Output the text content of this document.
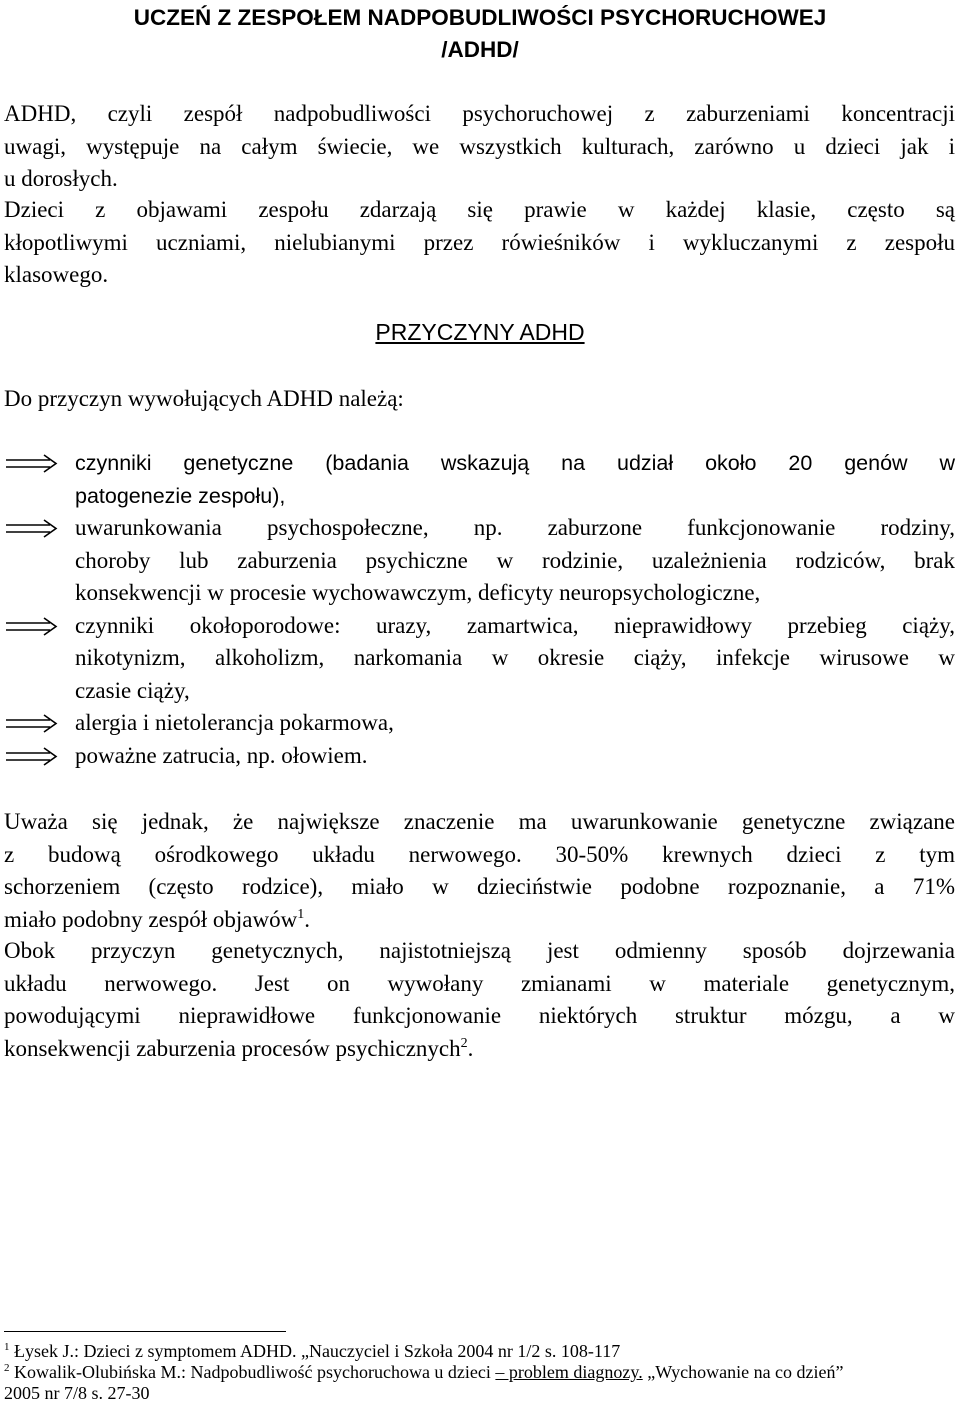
UCZEŃ Z ZESPOŁEM NADPOBUDLIWOŚCI PSYCHORUCHOWEJ
/ADHD/
ADHD, czyli zespół nadpobudliwości psychoruchowej z zaburzeniami koncentracji
uwagi, występuje na całym świecie, we wszystkich kulturach, zarówno u dzieci jak i
u dorosłych.
Dzieci z objawami zespołu zdarzają się prawie w każdej klasie, często są
kłopotliwymi uczniami, nielubianymi przez rówieśników i wykluczanymi z zespołu
klasowego.
PRZYCZYNY ADHD
Do przyczyn wywołujących ADHD należą:
czynniki genetyczne (badania wskazują na udział około 20 genów w
patogenezie zespołu),
uwarunkowania psychospołeczne, np. zaburzone funkcjonowanie rodziny,
choroby lub zaburzenia psychiczne w rodzinie, uzależnienia rodziców, brak
konsekwencji w procesie wychowawczym, deficyty neuropsychologiczne,
czynniki okołoporodowe: urazy, zamartwica, nieprawidłowy przebieg ciąży,
nikotynizm, alkoholizm, narkomania w okresie ciąży, infekcje wirusowe w
czasie ciąży,
alergia i nietolerancja pokarmowa,
poważne zatrucia, np. ołowiem.
Uważa się jednak, że największe znaczenie ma uwarunkowanie genetyczne związane
z budową ośrodkowego układu nerwowego. 30-50% krewnych dzieci z tym
schorzeniem (często rodzice), miało w dzieciństwie podobne rozpoznanie, a 71%
miało podobny zespół objawów$^1$.
Obok przyczyn genetycznych, najistotniejszą jest odmienny sposób dojrzewania
układu nerwowego. Jest on wywołany zmianami w materiale genetycznym,
powodującymi nieprawidłowe funkcjonowanie niektórych struktur mózgu, a w
konsekwencji zaburzenia procesów psychicznych$^2$.
$^1$ Łysek J.: Dzieci z symptomem ADHD. „Nauczyciel i Szkoła 2004 nr 1/2 s. 108-117
$^2$ Kowalik-Olubińska M.: Nadpobudliwość psychoruchowa u dzieci – problem diagnozy. „Wychowanie na co dzień”
2005 nr 7/8 s. 27-30
